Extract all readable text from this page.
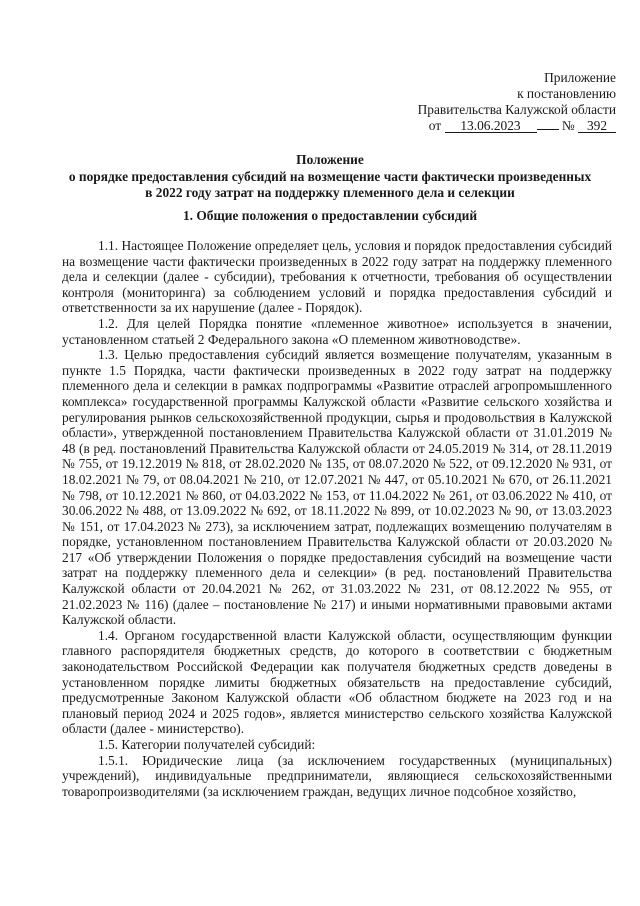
Приложение
к постановлению
Правительства Калужской области
от 13.06.2023	№ 392
Положение
о порядке предоставления субсидий на возмещение части фактически произведенных
в 2022 году затрат на поддержку племенного дела и селекции
1. Общие положения о предоставлении субсидий

1.1. Настоящее Положение определяет цель, условия и порядок предоставления субсидий на возмещение части фактически произведенных в 2022 году затрат на поддержку племенного дела и селекции (далее - субсидии), требования к отчетности, требования об осуществлении контроля (мониторинга) за соблюдением условий и порядка предоставления субсидий и ответственности за их нарушение (далее - Порядок).

1.2. Для целей Порядка понятие «племенное животное» используется в значении, установленном статьей 2 Федерального закона «О племенном животноводстве».

1.3. Целью предоставления субсидий является возмещение получателям, указанным в пункте 1.5 Порядка, части фактически произведенных в 2022 году затрат на поддержку племенного дела и селекции в рамках подпрограммы «Развитие отраслей агропромышленного комплекса» государственной программы Калужской области «Развитие сельского хозяйства и регулирования рынков сельскохозяйственной продукции, сырья и продовольствия в Калужской области», утвержденной постановлением Правительства Калужской области от 31.01.2019 № 48 (в ред. постановлений Правительства Калужской области от 24.05.2019 № 314, от 28.11.2019 № 755, от 19.12.2019 № 818, от 28.02.2020 № 135, от 08.07.2020 № 522, от 09.12.2020 № 931, от 18.02.2021 № 79, от 08.04.2021 № 210, от 12.07.2021 № 447, от 05.10.2021 № 670, от 26.11.2021 № 798, от 10.12.2021 № 860, от 04.03.2022 № 153, от 11.04.2022 № 261, от 03.06.2022 № 410, от 30.06.2022 № 488, от 13.09.2022 № 692, от 18.11.2022 № 899, от 10.02.2023 № 90, от 13.03.2023 № 151, от 17.04.2023 № 273), за исключением затрат, подлежащих возмещению получателям в порядке, установленном постановлением Правительства Калужской области от 20.03.2020 № 217 «Об утверждении Положения о порядке предоставления субсидий на возмещение части затрат на поддержку племенного дела и селекции» (в ред. постановлений Правительства Калужской области от 20.04.2021 № 262, от 31.03.2022 № 231, от 08.12.2022 № 955, от 21.02.2023 № 116) (далее – постановление № 217) и иными нормативными правовыми актами Калужской области.

1.4. Органом государственной власти Калужской области, осуществляющим функции главного распорядителя бюджетных средств, до которого в соответствии с бюджетным законодательством Российской Федерации как получателя бюджетных средств доведены в установленном порядке лимиты бюджетных обязательств на предоставление субсидий, предусмотренные Законом Калужской области «Об областном бюджете на 2023 год и на плановый период 2024 и 2025 годов», является министерство сельского хозяйства Калужской области (далее - министерство).

1.5. Категории получателей субсидий:

1.5.1. Юридические лица (за исключением государственных (муниципальных) учреждений), индивидуальные предприниматели, являющиеся сельскохозяйственными товаропроизводителями (за исключением граждан, ведущих личное подсобное хозяйство,
